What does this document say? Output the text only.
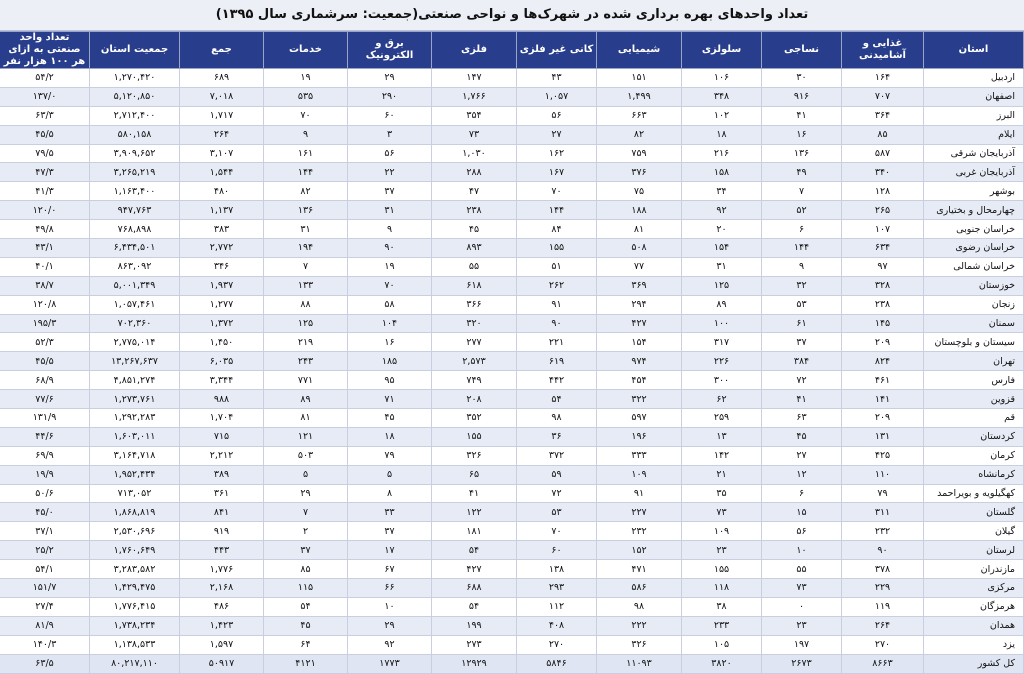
تعداد واحدهای بهره برداری شده در شهرک‌ها و نواحی صنعتی(جمعیت: سرشماری سال ۱۳۹۵)
استان	غذایی و آشامیدنی	نساجی	سلولزی	شیمیایی	کانی غیر فلزی	فلزی	برق و الکترونیک	خدمات	جمع	جمعیت استان	تعداد واحد صنعتی به ازای هر ۱۰۰ هزار نفر
اردبیل	۱۶۴	۳۰	۱۰۶	۱۵۱	۴۳	۱۴۷	۲۹	۱۹	۶۸۹	۱,۲۷۰,۴۲۰	۵۴/۲
اصفهان	۷۰۷	۹۱۶	۳۴۸	۱,۴۹۹	۱,۰۵۷	۱,۷۶۶	۲۹۰	۵۳۵	۷,۰۱۸	۵,۱۲۰,۸۵۰	۱۳۷/۰
البرز	۳۶۴	۴۱	۱۰۲	۶۶۳	۵۶	۳۵۴	۶۰	۷۰	۱,۷۱۷	۲,۷۱۲,۴۰۰	۶۳/۳
ایلام	۸۵	۱۶	۱۸	۸۲	۲۷	۷۳	۳	۹	۲۶۴	۵۸۰,۱۵۸	۴۵/۵
آذربایجان شرقی	۵۸۷	۱۳۶	۲۱۶	۷۵۹	۱۶۲	۱,۰۳۰	۵۶	۱۶۱	۳,۱۰۷	۳,۹۰۹,۶۵۲	۷۹/۵
آذربایجان غربی	۳۴۰	۴۹	۱۵۸	۳۷۶	۱۶۷	۲۸۸	۲۲	۱۴۴	۱,۵۴۴	۳,۲۶۵,۲۱۹	۴۷/۳
بوشهر	۱۲۸	۷	۳۴	۷۵	۷۰	۴۷	۳۷	۸۲	۴۸۰	۱,۱۶۳,۴۰۰	۴۱/۳
چهارمحال و بختیاری	۲۶۵	۵۲	۹۲	۱۸۸	۱۴۴	۲۳۸	۳۱	۱۳۶	۱,۱۳۷	۹۴۷,۷۶۳	۱۲۰/۰
خراسان جنوبی	۱۰۷	۶	۲۰	۸۱	۸۴	۴۵	۹	۳۱	۳۸۳	۷۶۸,۸۹۸	۴۹/۸
خراسان رضوی	۶۳۴	۱۴۴	۱۵۴	۵۰۸	۱۵۵	۸۹۳	۹۰	۱۹۴	۲,۷۷۲	۶,۴۳۴,۵۰۱	۴۳/۱
خراسان شمالی	۹۷	۹	۳۱	۷۷	۵۱	۵۵	۱۹	۷	۳۴۶	۸۶۳,۰۹۲	۴۰/۱
خوزستان	۳۲۸	۳۲	۱۲۵	۳۶۹	۲۶۲	۶۱۸	۷۰	۱۳۳	۱,۹۳۷	۵,۰۰۱,۳۴۹	۳۸/۷
زنجان	۲۳۸	۵۳	۸۹	۲۹۴	۹۱	۳۶۶	۵۸	۸۸	۱,۲۷۷	۱,۰۵۷,۴۶۱	۱۲۰/۸
سمنان	۱۴۵	۶۱	۱۰۰	۴۲۷	۹۰	۳۲۰	۱۰۴	۱۲۵	۱,۳۷۲	۷۰۲,۳۶۰	۱۹۵/۳
سیستان و بلوچستان	۲۰۹	۳۷	۳۱۷	۱۵۴	۲۲۱	۲۷۷	۱۶	۲۱۹	۱,۴۵۰	۲,۷۷۵,۰۱۴	۵۲/۳
تهران	۸۲۴	۳۸۴	۲۲۶	۹۷۴	۶۱۹	۲,۵۷۳	۱۸۵	۲۴۳	۶,۰۳۵	۱۳,۲۶۷,۶۳۷	۴۵/۵
فارس	۴۶۱	۷۲	۳۰۰	۴۵۴	۴۴۲	۷۴۹	۹۵	۷۷۱	۳,۳۴۴	۴,۸۵۱,۲۷۴	۶۸/۹
قزوین	۱۴۱	۴۱	۶۲	۳۲۲	۵۴	۲۰۸	۷۱	۸۹	۹۸۸	۱,۲۷۳,۷۶۱	۷۷/۶
قم	۲۰۹	۶۳	۲۵۹	۵۹۷	۹۸	۳۵۲	۴۵	۸۱	۱,۷۰۴	۱,۲۹۲,۲۸۳	۱۳۱/۹
کردستان	۱۳۱	۴۵	۱۳	۱۹۶	۳۶	۱۵۵	۱۸	۱۲۱	۷۱۵	۱,۶۰۳,۰۱۱	۴۴/۶
کرمان	۴۲۵	۲۷	۱۴۲	۳۳۳	۳۷۲	۳۲۶	۷۹	۵۰۳	۲,۲۱۲	۳,۱۶۴,۷۱۸	۶۹/۹
کرمانشاه	۱۱۰	۱۲	۲۱	۱۰۹	۵۹	۶۵	۵	۵	۳۸۹	۱,۹۵۲,۴۳۴	۱۹/۹
کهگیلویه و بویراحمد	۷۹	۶	۳۵	۹۱	۷۲	۴۱	۸	۲۹	۳۶۱	۷۱۳,۰۵۲	۵۰/۶
گلستان	۳۱۱	۱۵	۷۳	۲۲۷	۵۳	۱۲۲	۳۳	۷	۸۴۱	۱,۸۶۸,۸۱۹	۴۵/۰
گیلان	۲۳۲	۵۶	۱۰۹	۲۳۲	۷۰	۱۸۱	۳۷	۲	۹۱۹	۲,۵۳۰,۶۹۶	۳۷/۱
لرستان	۹۰	۱۰	۲۳	۱۵۲	۶۰	۵۴	۱۷	۳۷	۴۴۳	۱,۷۶۰,۶۴۹	۲۵/۲
مازندران	۳۷۸	۵۵	۱۵۵	۴۷۱	۱۳۸	۴۲۷	۶۷	۸۵	۱,۷۷۶	۳,۲۸۳,۵۸۲	۵۴/۱
مرکزی	۲۲۹	۷۳	۱۱۸	۵۸۶	۲۹۳	۶۸۸	۶۶	۱۱۵	۲,۱۶۸	۱,۴۲۹,۴۷۵	۱۵۱/۷
هرمزگان	۱۱۹	۰	۳۸	۹۸	۱۱۲	۵۴	۱۰	۵۴	۴۸۶	۱,۷۷۶,۴۱۵	۲۷/۴
همدان	۲۶۴	۲۳	۲۳۳	۲۲۲	۴۰۸	۱۹۹	۲۹	۴۵	۱,۴۲۳	۱,۷۳۸,۲۳۴	۸۱/۹
یزد	۲۷۰	۱۹۷	۱۰۵	۳۲۶	۲۷۰	۲۷۳	۹۲	۶۴	۱,۵۹۷	۱,۱۳۸,۵۳۳	۱۴۰/۳
کل کشور	۸۶۶۳	۲۶۷۳	۳۸۲۰	۱۱۰۹۳	۵۸۴۶	۱۲۹۲۹	۱۷۷۳	۴۱۲۱	۵۰۹۱۷	۸۰,۲۱۷,۱۱۰	۶۳/۵
